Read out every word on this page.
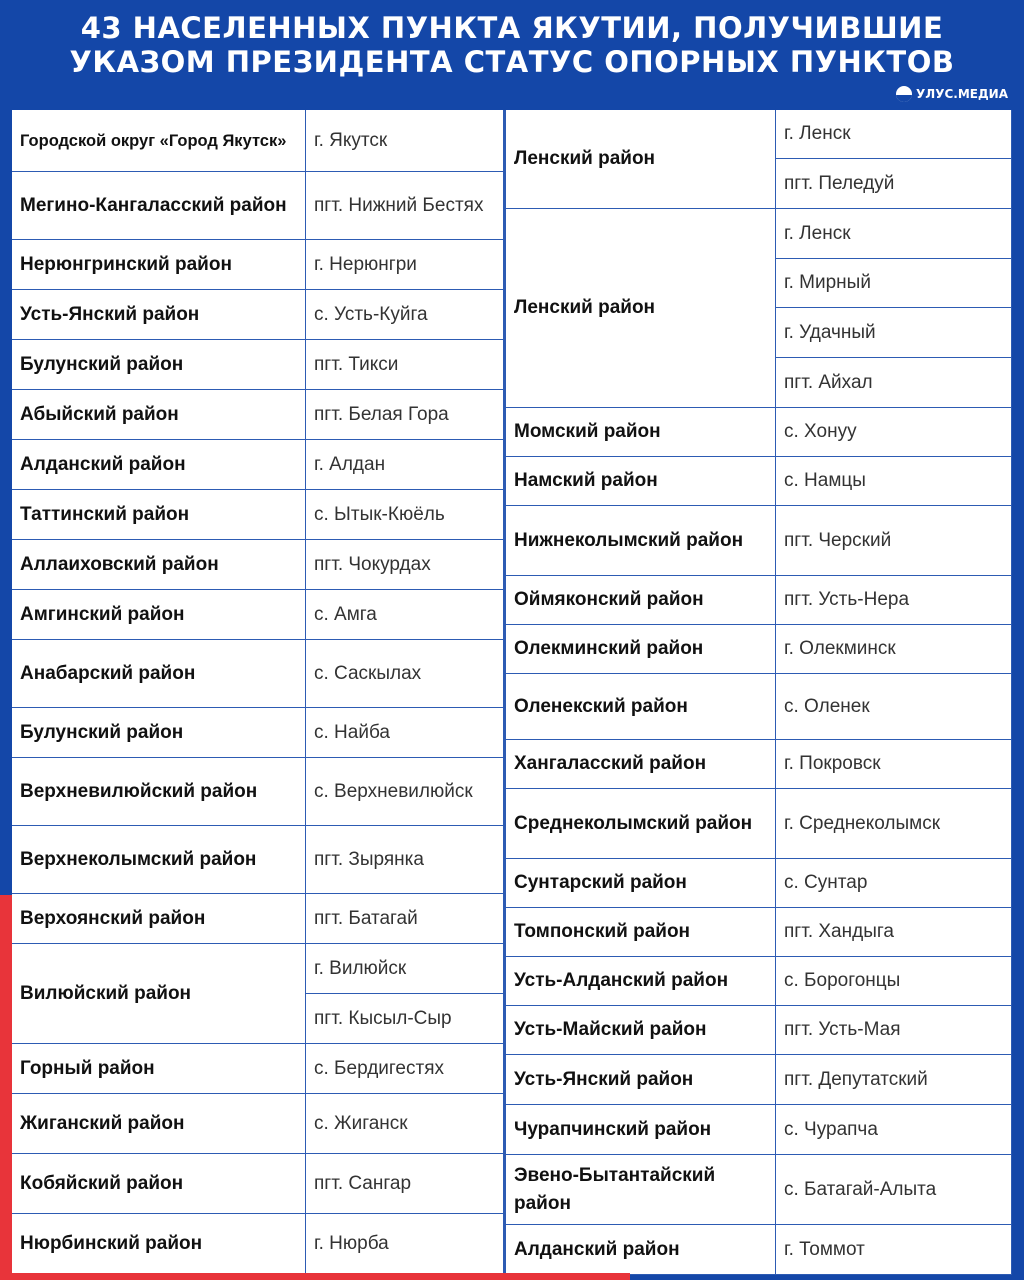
43 НАСЕЛЕННЫХ ПУНКТА ЯКУТИИ, ПОЛУЧИВШИЕ
УКАЗОМ ПРЕЗИДЕНТА СТАТУС ОПОРНЫХ ПУНКТОВ
УЛУС.МЕДИА
Городской округ «Город Якутск» г. Якутск
Мегино-Кангаласский район пгт. Нижний Бестях
Нерюнгринский район	г. Нерюнгри
Усть-Янский район	с. Усть-Куйга
Булунский район	пгт. Тикси
Абыйский район	пгт. Белая Гора
Алданский район	г. Алдан
Таттинский район	с. Ытык-Кюёль
Аллаиховский район	пгт. Чокурдах
Амгинский район	с. Амга
Анабарский район	с. Саскылах
Булунский район	с. Найба
Верхневилюйский район	с. Верхневилюйск
Верхнеколымский район	пгт. Зырянка
Верхоянский район	пгт. Батагай
Вилюйский район
г. Вилюйск
пгт. Кысыл-Сыр
Горный район	с. Бердигестях
Жиганский район	с. Жиганск
Кобяйский район	пгт. Сангар
Нюрбинский район	г. Нюрба
Ленский район
г. Ленск
пгт. Пеледуй
Ленский район
г. Ленск
г. Мирный
г. Удачный
пгт. Айхал
Момский район	с. Хонуу
Намский район	с. Намцы
Нижнеколымский район пгт. Черский
Оймяконский район	пгт. Усть-Нера
Олекминский район	г. Олекминск
Оленекский район	с. Оленек
Хангаласский район	г. Покровск
Среднеколымский район г. Среднеколымск
Сунтарский район	с. Сунтар
Томпонский район	пгт. Хандыга
Усть-Алданский район	с. Борогонцы
Усть-Майский район	пгт. Усть-Мая
Усть-Янский район	пгт. Депутатский
Чурапчинский район	с. Чурапча
Эвено-Бытантайский район
с. Батагай-Алыта
Алданский район	г. Томмот
